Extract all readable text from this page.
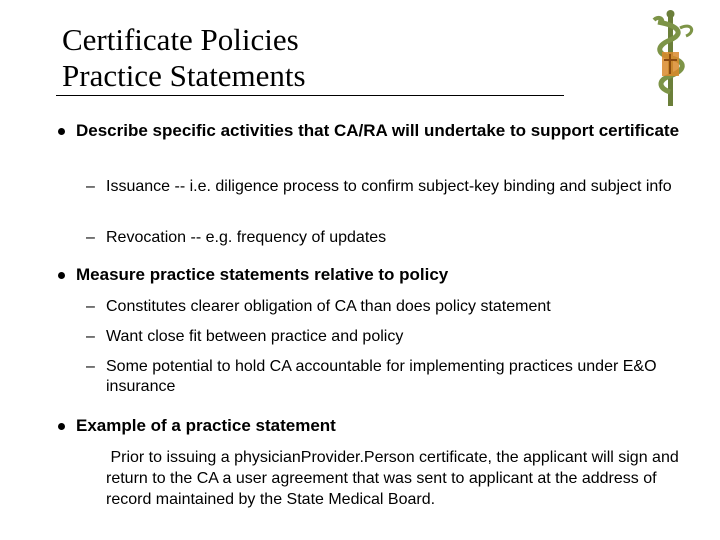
Certificate Policies
Practice Statements
Describe specific activities that CA/RA will undertake to support certificate
– Issuance -- i.e. diligence process to confirm subject-key binding and subject info
– Revocation -- e.g. frequency of updates
Measure practice statements relative to policy
– Constitutes clearer obligation of CA than does policy statement
– Want close fit between practice and policy
– Some potential to hold CA accountable for implementing practices under E&O insurance
Example of a practice statement
Prior to issuing a physicianProvider.Person certificate, the applicant will sign and return to the CA a user agreement that was sent to applicant at the address of record maintained by the State Medical Board.
